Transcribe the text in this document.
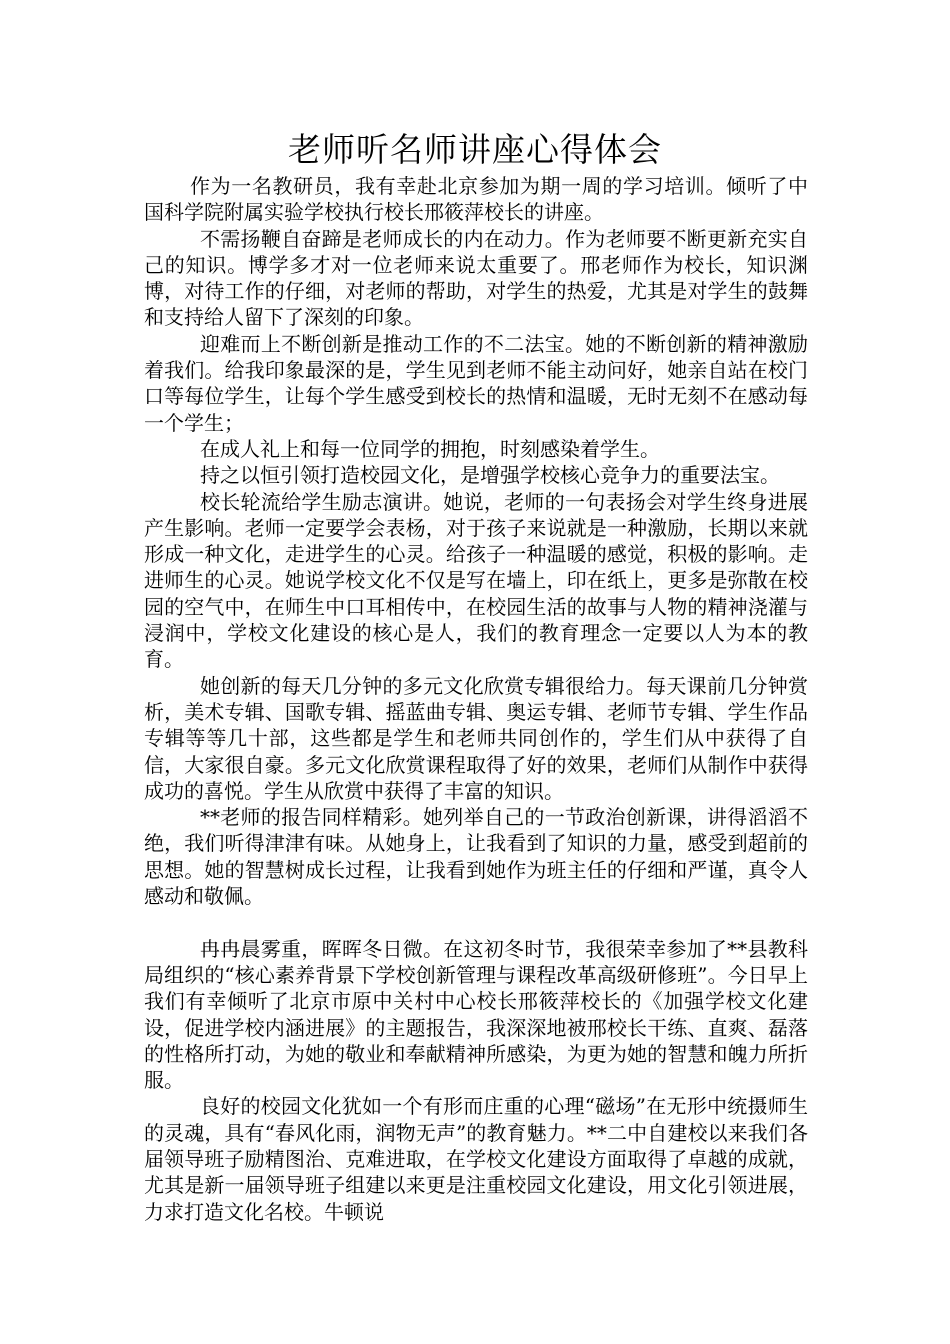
老师听名师讲座心得体会

作为一名教研员，我有幸赴北京参加为期一周的学习培训。倾听了中国科学院附属实验学校执行校长邢筱萍校长的讲座。

不需扬鞭自奋蹄是老师成长的内在动力。作为老师要不断更新充实自己的知识。博学多才对一位老师来说太重要了。邢老师作为校长，知识渊博，对待工作的仔细，对老师的帮助，对学生的热爱，尤其是对学生的鼓舞和支持给人留下了深刻的印象。

迎难而上不断创新是推动工作的不二法宝。她的不断创新的精神激励着我们。给我印象最深的是，学生见到老师不能主动问好，她亲自站在校门口等每位学生，让每个学生感受到校长的热情和温暖，无时无刻不在感动每一个学生；

在成人礼上和每一位同学的拥抱，时刻感染着学生。

持之以恒引领打造校园文化，是增强学校核心竞争力的重要法宝。

校长轮流给学生励志演讲。她说，老师的一句表扬会对学生终身进展产生影响。老师一定要学会表杨，对于孩子来说就是一种激励，长期以来就形成一种文化，走进学生的心灵。给孩子一种温暖的感觉，积极的影响。走进师生的心灵。她说学校文化不仅是写在墙上，印在纸上，更多是弥散在校园的空气中，在师生中口耳相传中，在校园生活的故事与人物的精神浇灌与浸润中，学校文化建设的核心是人，我们的教育理念一定要以人为本的教育。

她创新的每天几分钟的多元文化欣赏专辑很给力。每天课前几分钟赏析，美术专辑、国歌专辑、摇蓝曲专辑、奥运专辑、老师节专辑、学生作品专辑等等几十部，这些都是学生和老师共同创作的，学生们从中获得了自信，大家很自豪。多元文化欣赏课程取得了好的效果，老师们从制作中获得成功的喜悦。学生从欣赏中获得了丰富的知识。

**老师的报告同样精彩。她列举自己的一节政治创新课，讲得滔滔不绝，我们听得津津有味。从她身上，让我看到了知识的力量，感受到超前的思想。她的智慧树成长过程，让我看到她作为班主任的仔细和严谨，真令人感动和敬佩。

冉冉晨雾重，晖晖冬日微。在这初冬时节，我很荣幸参加了**县教科局组织的“核心素养背景下学校创新管理与课程改革高级研修班”。今日早上我们有幸倾听了北京市原中关村中心校长邢筱萍校长的《加强学校文化建设，促进学校内涵进展》的主题报告，我深深地被邢校长干练、直爽、磊落的性格所打动，为她的敬业和奉献精神所感染，为更为她的智慧和魄力所折服。

良好的校园文化犹如一个有形而庄重的心理“磁场”在无形中统摄师生的灵魂，具有“春风化雨，润物无声”的教育魅力。**二中自建校以来我们各届领导班子励精图治、克难进取，在学校文化建设方面取得了卓越的成就，尤其是新一届领导班子组建以来更是注重校园文化建设，用文化引领进展，力求打造文化名校。牛顿说
